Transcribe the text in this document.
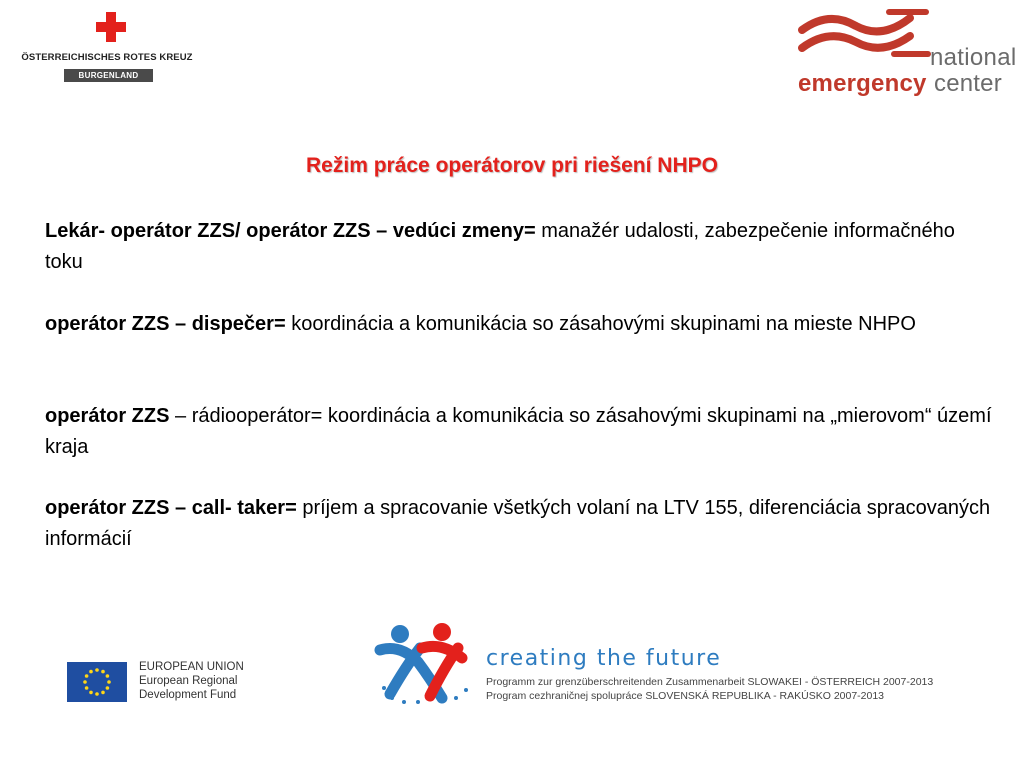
ÖSTERREICHISCHES ROTES KREUZ
BURGENLAND
national
emergency center
Režim práce operátorov pri riešení NHPO
Lekár- operátor ZZS/ operátor ZZS – vedúci zmeny= manažér udalosti, zabezpečenie informačného toku
operátor ZZS – dispečer= koordinácia a komunikácia so zásahovými skupinami na mieste NHPO
operátor ZZS – rádiooperátor= koordinácia a komunikácia so zásahovými skupinami na „mierovom“ území kraja
operátor ZZS – call- taker= príjem a spracovanie všetkých volaní na LTV 155, diferenciácia spracovaných informácií
EUROPEAN UNION
European Regional
Development Fund
creating the future
Programm zur grenzüberschreitenden Zusammenarbeit SLOWAKEI - ÖSTERREICH 2007-2013
Program cezhraničnej spolupráce SLOVENSKÁ REPUBLIKA - RAKÚSKO 2007-2013
